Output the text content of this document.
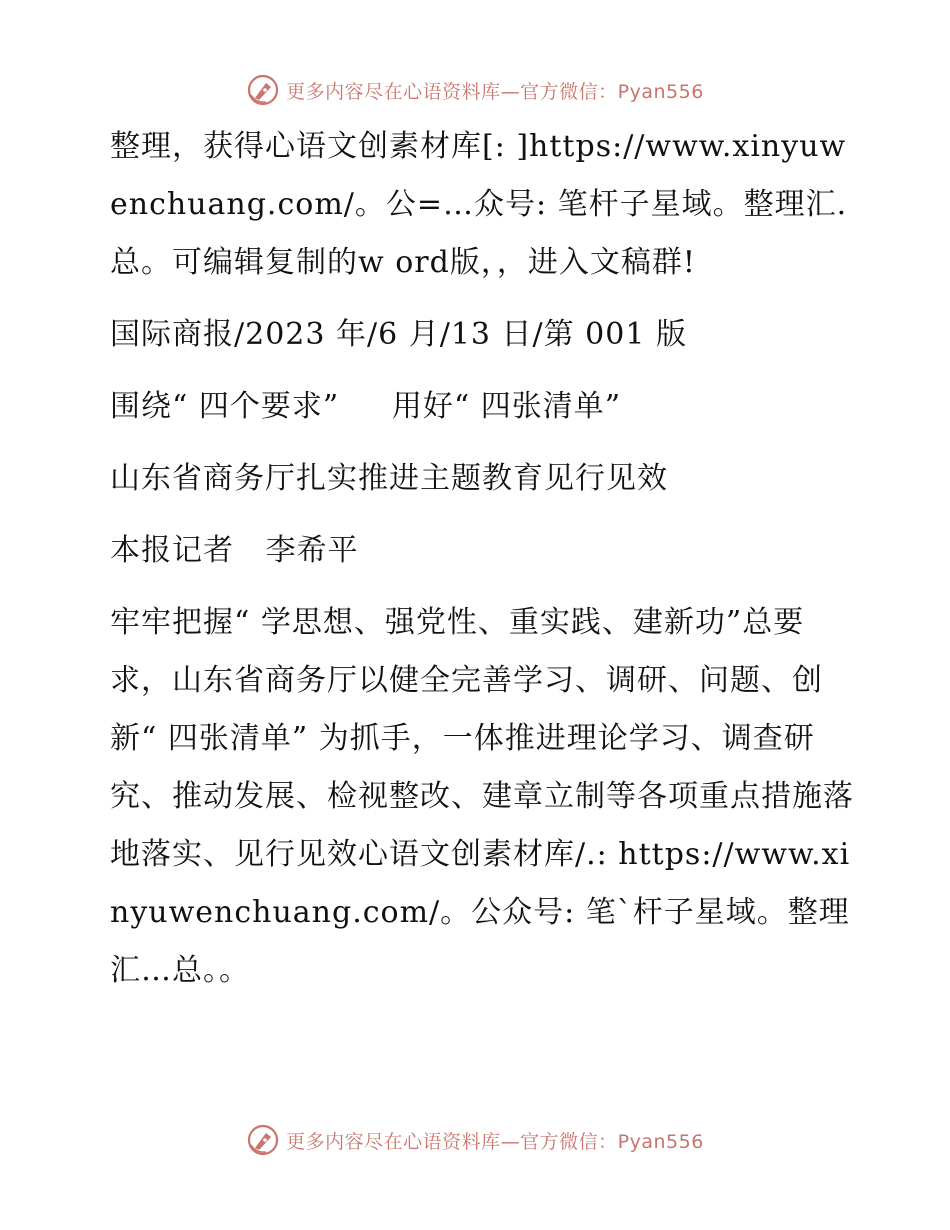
更多内容尽在心语资料库—官方微信：Pyan556

整理，获得心语文创素材库[: ]https://www.xinyuwenchuang.com/。公=…众号: 笔杆子星域。整理汇.总。可编辑复制的w ord版，，进入文稿群!

国际商报/2023 年/6 月/13 日/第 001 版

围绕“ 四个要求”     用好“ 四张清单”

山东省商务厅扎实推进主题教育见行见效

本报记者   李希平

牢牢把握“ 学思想、强党性、重实践、建新功”总要求，山东省商务厅以健全完善学习、调研、问题、创新“ 四张清单” 为抓手，一体推进理论学习、调查研究、推动发展、检视整改、建章立制等各项重点措施落地落实、见行见效心语文创素材库/.: https://www.xinyuwenchuang.com/。公众号: 笔`杆子星域。整理汇…总。。

更多内容尽在心语资料库—官方微信：Pyan556
